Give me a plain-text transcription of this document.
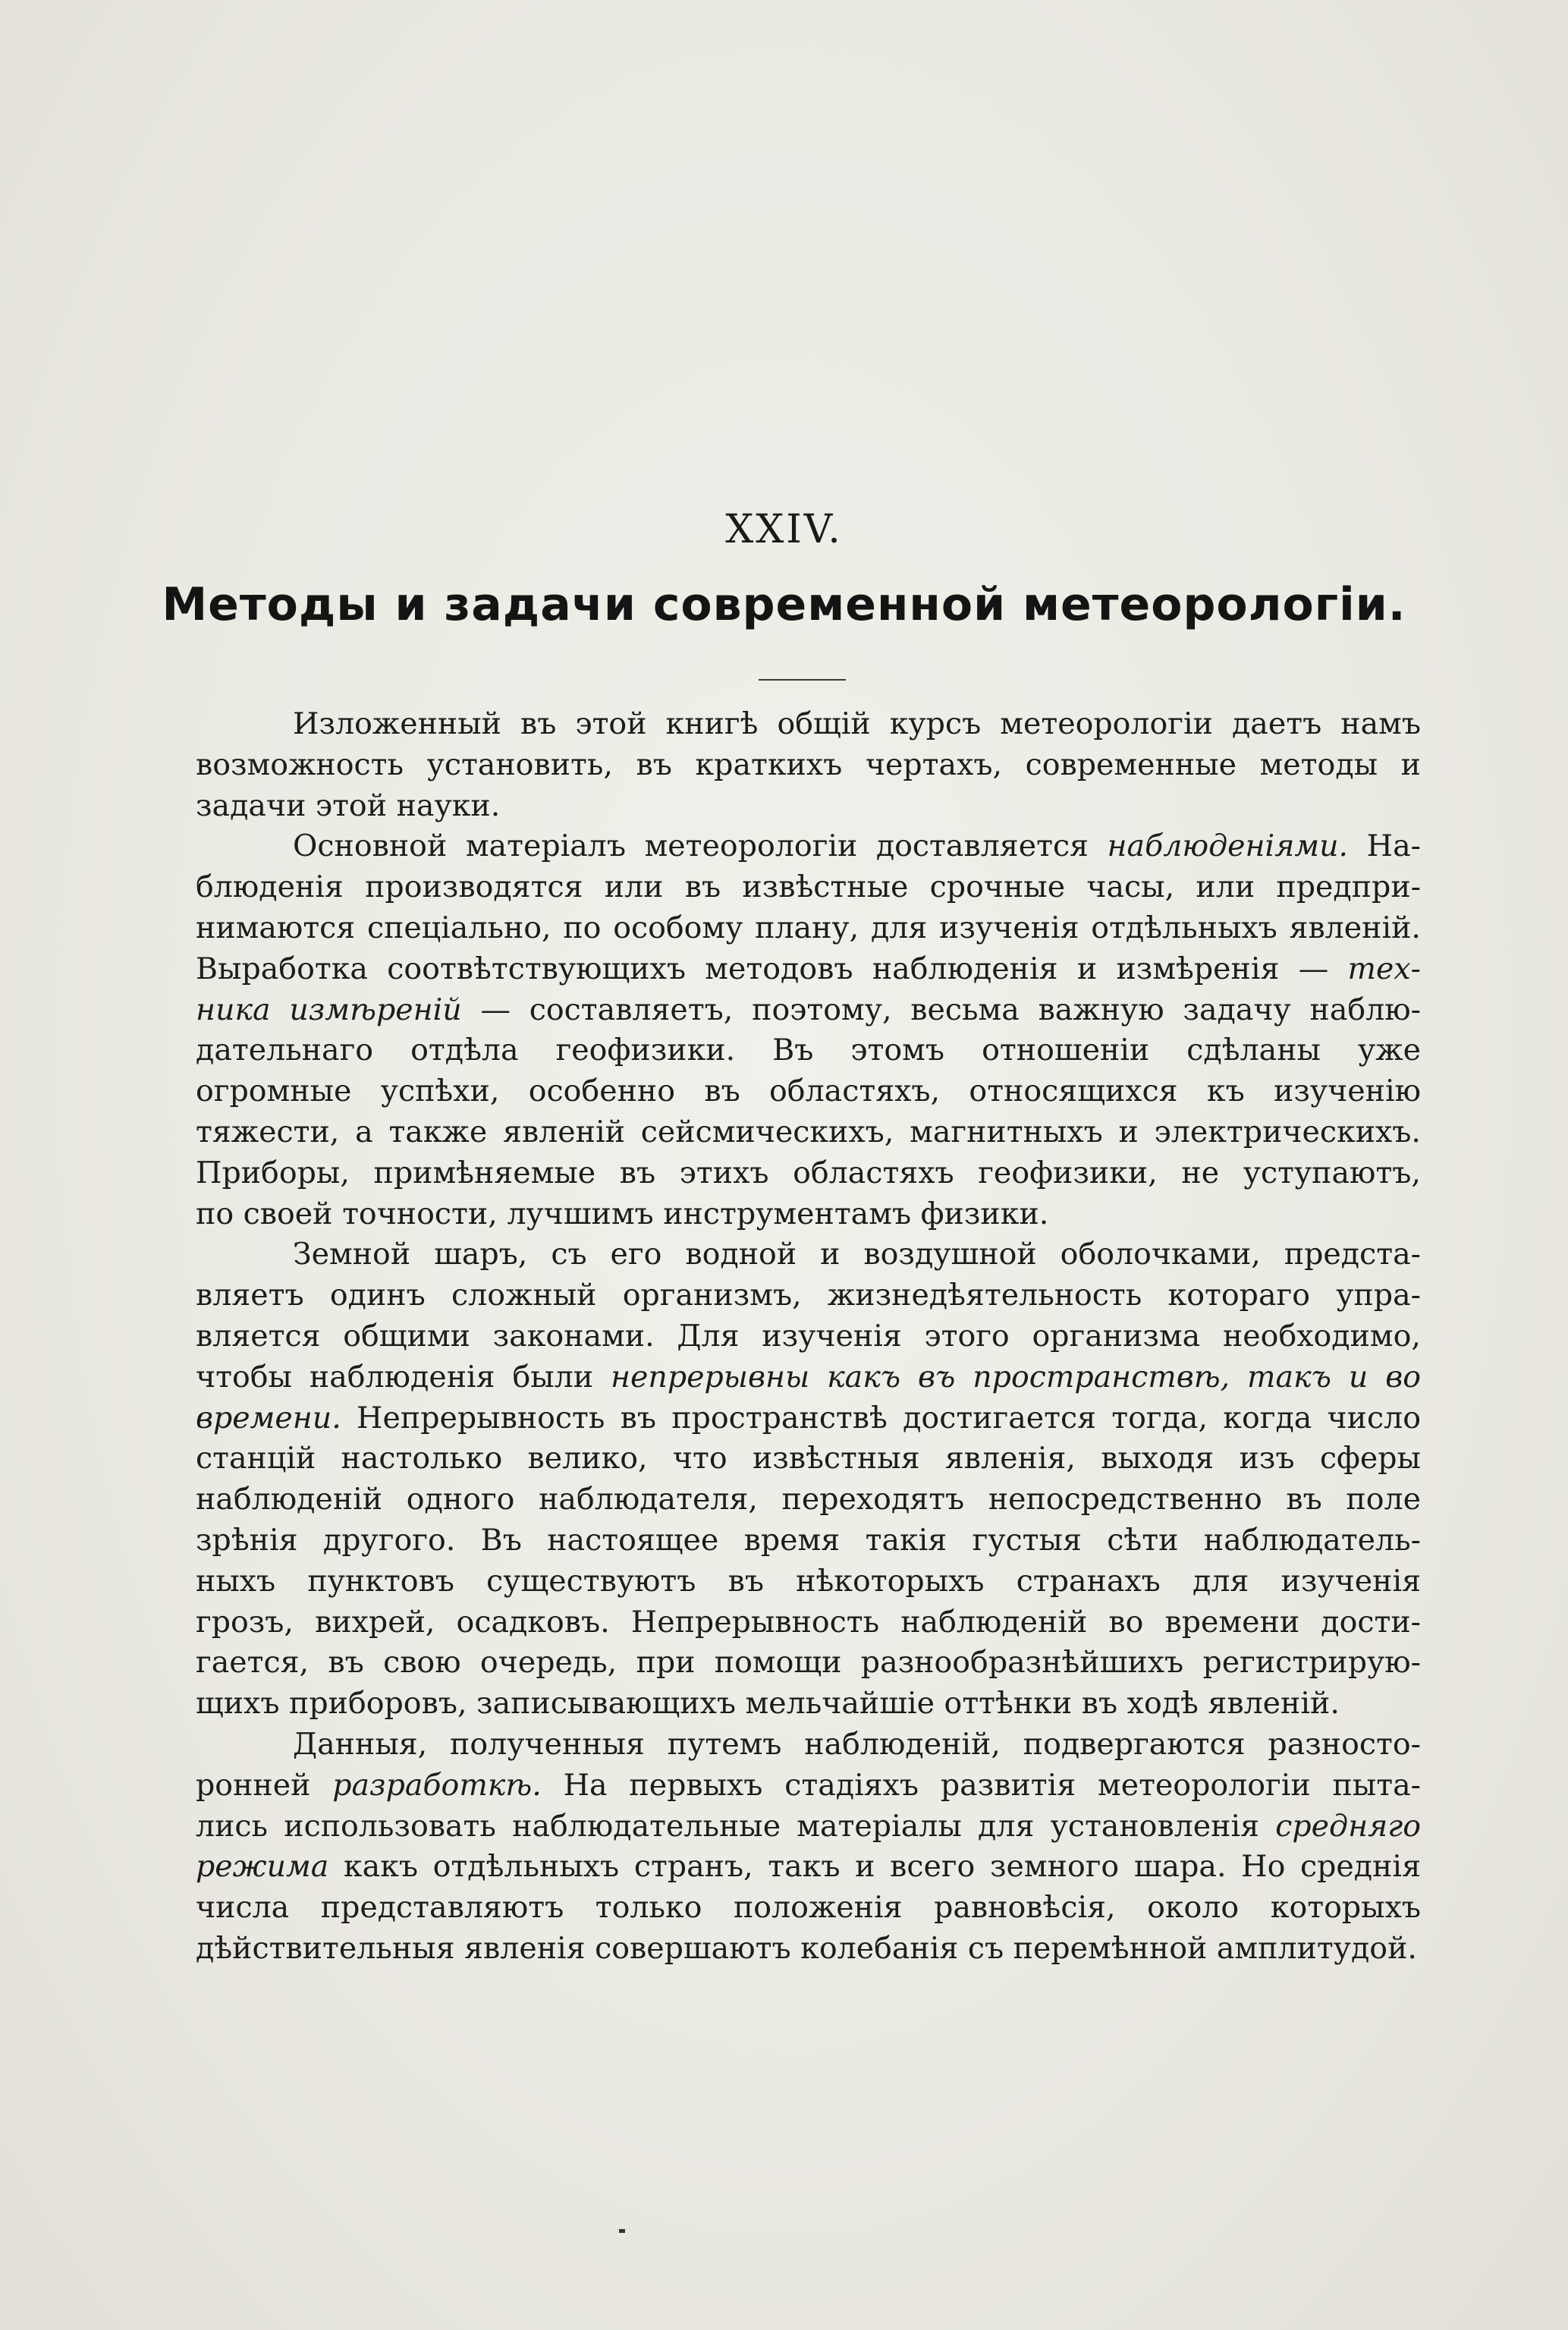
XXIV.
Методы и задачи современной метеорологіи.
Изложенный въ этой книгѣ общій курсъ метеорологіи даетъ намъ
возможность установить, въ краткихъ чертахъ, современные методы и
задачи этой науки.
Основной матеріалъ метеорологіи доставляется наблюденіями. На-
блюденія производятся или въ извѣстные срочные часы, или предпри-
нимаются спеціально, по особому плану, для изученія отдѣльныхъ явленій.
Выработка соотвѣтствующихъ методовъ наблюденія и измѣренія — тех-
ника измѣреній — составляетъ, поэтому, весьма важную задачу наблю-
дательнаго отдѣла геофизики. Въ этомъ отношеніи сдѣланы уже
огромные успѣхи, особенно въ областяхъ, относящихся къ изученію
тяжести, а также явленій сейсмическихъ, магнитныхъ и электрическихъ.
Приборы, примѣняемые въ этихъ областяхъ геофизики, не уступаютъ,
по своей точности, лучшимъ инструментамъ физики.
Земной шаръ, съ его водной и воздушной оболочками, предста-
вляетъ одинъ сложный организмъ, жизнедѣятельность котораго упра-
вляется общими законами. Для изученія этого организма необходимо,
чтобы наблюденія были непрерывны какъ въ пространствѣ, такъ и во
времени. Непрерывность въ пространствѣ достигается тогда, когда число
станцій настолько велико, что извѣстныя явленія, выходя изъ сферы
наблюденій одного наблюдателя, переходятъ непосредственно въ поле
зрѣнія другого. Въ настоящее время такія густыя сѣти наблюдатель-
ныхъ пунктовъ существуютъ въ нѣкоторыхъ странахъ для изученія
грозъ, вихрей, осадковъ. Непрерывность наблюденій во времени дости-
гается, въ свою очередь, при помощи разнообразнѣйшихъ регистрирую-
щихъ приборовъ, записывающихъ мельчайшіе оттѣнки въ ходѣ явленій.
Данныя, полученныя путемъ наблюденій, подвергаются разносто-
ронней разработкѣ. На первыхъ стадіяхъ развитія метеорологіи пыта-
лись использовать наблюдательные матеріалы для установленія средняго
режима какъ отдѣльныхъ странъ, такъ и всего земного шара. Но среднія
числа представляютъ только положенія равновѣсія, около которыхъ
дѣйствительныя явленія совершаютъ колебанія съ перемѣнной амплитудой.
